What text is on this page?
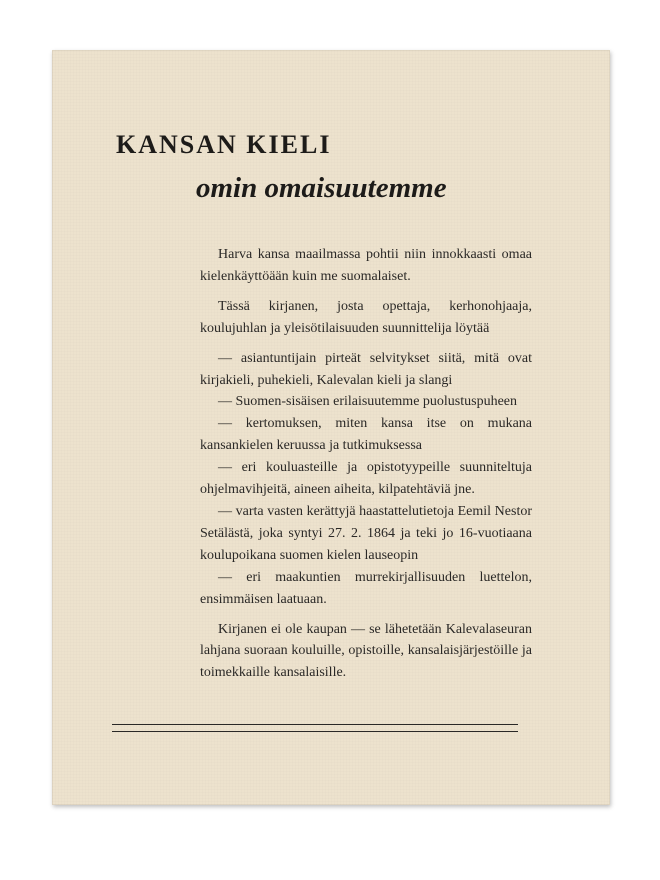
KANSAN KIELI
omin omaisuutemme

Harva kansa maailmassa pohtii niin innokkaasti omaa kielenkäyttöään kuin me suomalaiset.

Tässä kirjanen, josta opettaja, kerhonohjaaja, koulujuhlan ja yleisötilaisuuden suunnittelija löytää

— asiantuntijain pirteät selvitykset siitä, mitä ovat kirjakieli, puhekieli, Kalevalan kieli ja slangi

— Suomen-sisäisen erilaisuutemme puolustuspuheen

— kertomuksen, miten kansa itse on mukana kansankielen keruussa ja tutkimuksessa

— eri kouluasteille ja opistotyypeille suunniteltuja ohjelmavihjeitä, aineen aiheita, kilpatehtäviä jne.

— varta vasten kerättyjä haastattelutietoja Eemil Nestor Setälästä, joka syntyi 27. 2. 1864 ja teki jo 16-vuotiaana koulupoikana suomen kielen lauseopin

— eri maakuntien murrekirjallisuuden luettelon, ensimmäisen laatuaan.

Kirjanen ei ole kaupan — se lähetetään Kalevalaseuran lahjana suoraan kouluille, opistoille, kansalaisjärjestöille ja toimekkaille kansalaisille.
